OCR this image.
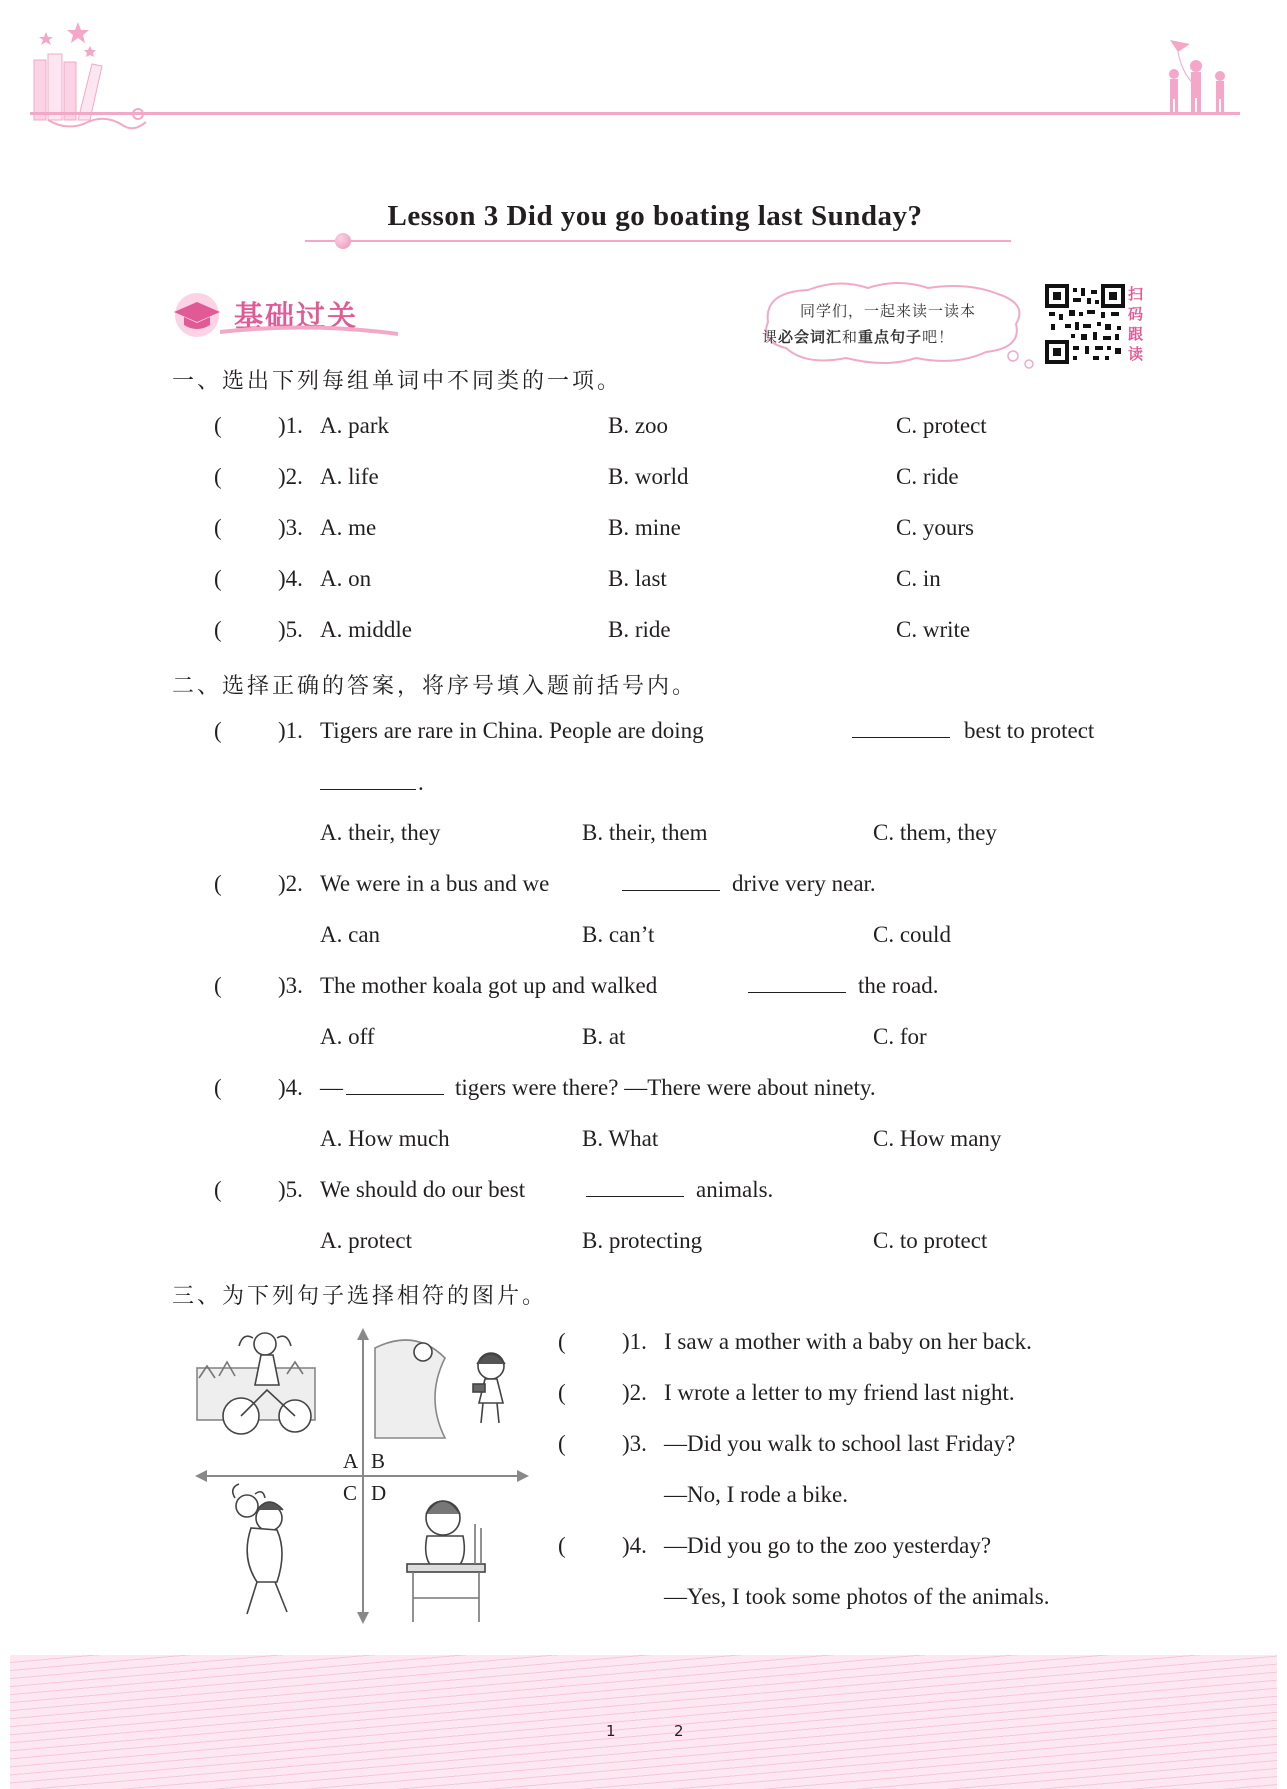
Lesson 3 Did you go boating last Sunday?
基础过关	同学们，一起来读一读本
课必会词汇和重点句子吧！
扫
码
跟
读
一、选出下列每组单词中不同类的一项。
( )1. A. park	B. zoo	C. protect
( )2. A. life	B. world	C. ride
( )3. A. me	B. mine	C. yours
( )4. A. on	B. last	C. in
( )5. A. middle	B. ride	C. write
二、选择正确的答案，将序号填入题前括号内。
( )1. Tigers are rare in China. People are doing	best to protect
.
A. their, they	B. their, them	C. them, they
( )2. We were in a bus and we	drive very near.
A. can	B. can’t	C. could
( )3. The mother koala got up and walked	the road.
A. off	B. at	C. for
( )4. —	tigers were there? —There were about ninety.
A. How much	B. What	C. How many
( )5. We should do our best	animals.
A. protect	B. protecting	C. to protect
三、为下列句子选择相符的图片。
A B
C D
( )1. I saw a mother with a baby on her back.
( )2. I wrote a letter to my friend last night.
( )3. —Did you walk to school last Friday?
—No, I rode a bike.
( )4. —Did you go to the zoo yesterday?
—Yes, I took some photos of the animals.
1	2
